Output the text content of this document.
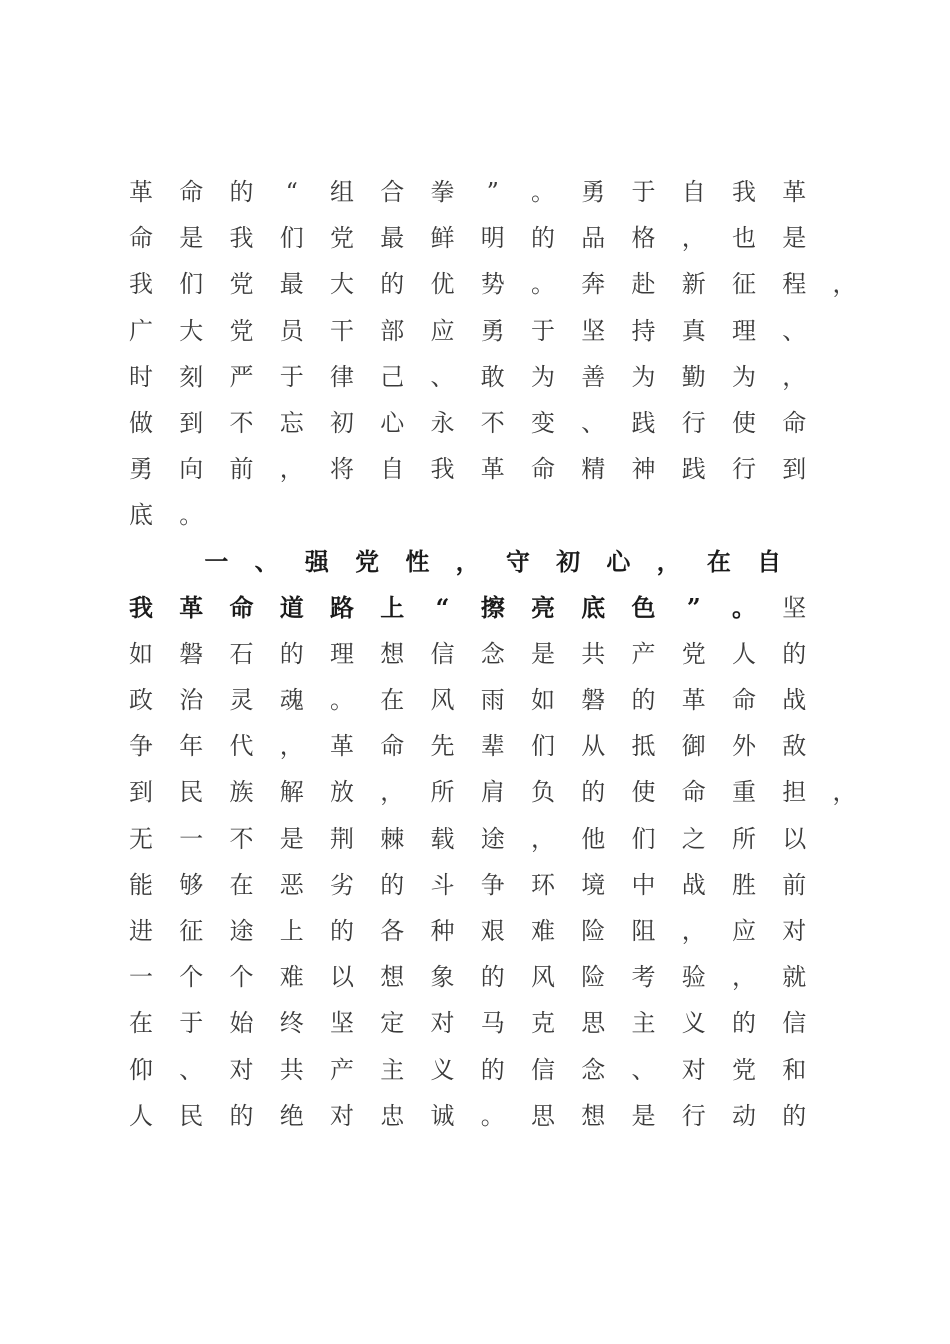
革 命 的 “ 组 合 拳 ” 。 勇 于 自 我 革
命 是 我 们 党 最 鲜 明 的 品 格 ， 也 是
我 们 党 最 大 的 优 势 。 奔 赴 新 征 程 ，
广 大 党 员 干 部 应 勇 于 坚 持 真 理 、
时 刻 严 于 律 己 、 敢 为 善 为 勤 为 ，
做 到 不 忘 初 心 永 不 变 、 践 行 使 命
勇 向 前 ， 将 自 我 革 命 精 神 践 行 到
底 。
一 、 强 党 性 ， 守 初 心 ， 在 自
我 革 命 道 路 上 “ 擦 亮 底 色 ” 。 坚
如 磐 石 的 理 想 信 念 是 共 产 党 人 的
政 治 灵 魂 。 在 风 雨 如 磐 的 革 命 战
争 年 代 ， 革 命 先 辈 们 从 抵 御 外 敌
到 民 族 解 放 ， 所 肩 负 的 使 命 重 担 ，
无 一 不 是 荆 棘 载 途 ， 他 们 之 所 以
能 够 在 恶 劣 的 斗 争 环 境 中 战 胜 前
进 征 途 上 的 各 种 艰 难 险 阻 ， 应 对
一 个 个 难 以 想 象 的 风 险 考 验 ， 就
在 于 始 终 坚 定 对 马 克 思 主 义 的 信
仰 、 对 共 产 主 义 的 信 念 、 对 党 和
人 民 的 绝 对 忠 诚 。 思 想 是 行 动 的
